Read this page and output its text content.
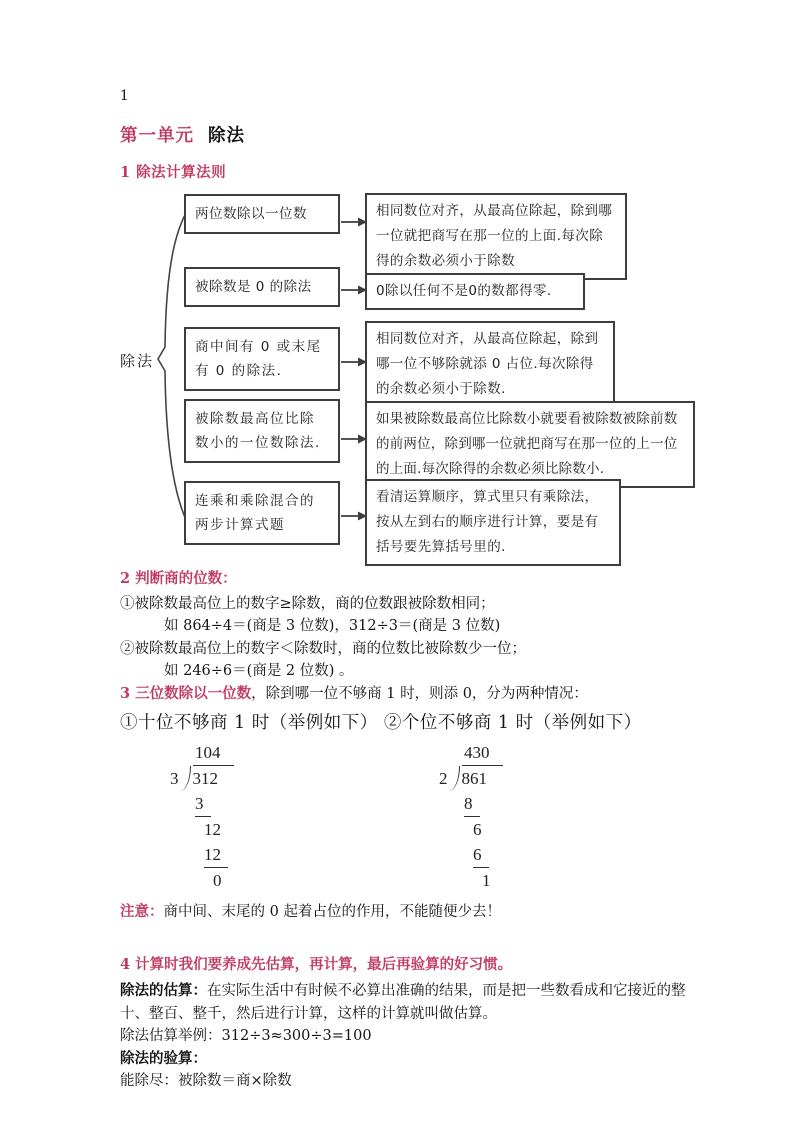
1
第一单元 除法
1 除法计算法则
除法
两位数除以一位数
被除数是 0 的除法
商中间有 0 或末尾有 0 的除法.
被除数最高位比除数小的一位数除法.
连乘和乘除混合的两步计算式题
相同数位对齐，从最高位除起，除到哪一位就把商写在那一位的上面.每次除得的余数必须小于除数
0除以任何不是0的数都得零.
相同数位对齐，从最高位除起，除到哪一位不够除就添 0 占位.每次除得的余数必须小于除数.
如果被除数最高位比除数小就要看被除数被除前数的前两位，除到哪一位就把商写在那一位的上一位的上面.每次除得的余数必须比除数小.
看清运算顺序，算式里只有乘除法，按从左到右的顺序进行计算，要是有括号要先算括号里的.
2 判断商的位数：
①被除数最高位上的数字≥除数，商的位数跟被除数相同；
如 864÷4＝(商是 3 位数)，312÷3＝(商是 3 位数)
②被除数最高位上的数字＜除数时，商的位数比被除数少一位；
如 246÷6＝(商是 2 位数) 。
3 三位数除以一位数，除到哪一位不够商 1 时，则添 0，分为两种情况：
①十位不够商 1 时（举例如下） ②个位不够商 1 时（举例如下）
104
3 312
3
12
12
0
430
2 861
8
6
6
1
注意：商中间、末尾的 0 起着占位的作用，不能随便少去！
4 计算时我们要养成先估算，再计算，最后再验算的好习惯。
除法的估算：在实际生活中有时候不必算出准确的结果，而是把一些数看成和它接近的整十、整百、整千，然后进行计算，这样的计算就叫做估算。
除法估算举例：312÷3≈300÷3=100
除法的验算：
能除尽：被除数＝商×除数
